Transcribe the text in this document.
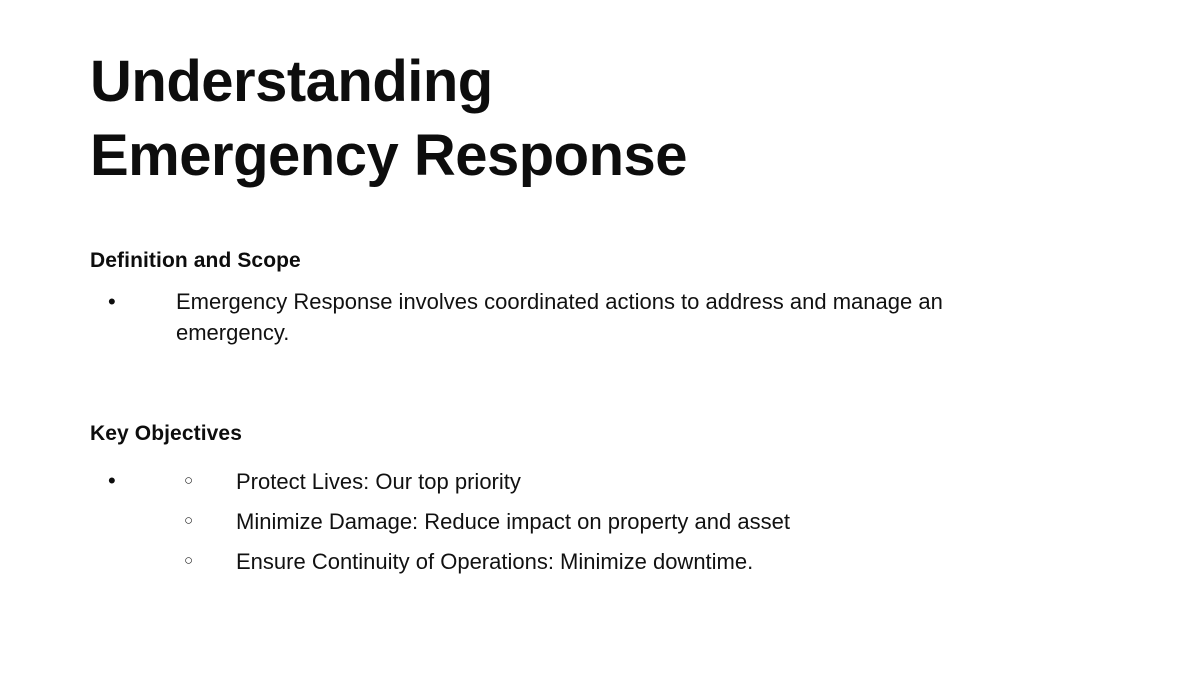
Understanding
Emergency Response
Definition and Scope
•	Emergency Response involves coordinated actions to address and manage an emergency.
Key Objectives
•	○	Protect Lives: Our top priority
○	Minimize Damage: Reduce impact on property and asset
○	Ensure Continuity of Operations: Minimize downtime.
